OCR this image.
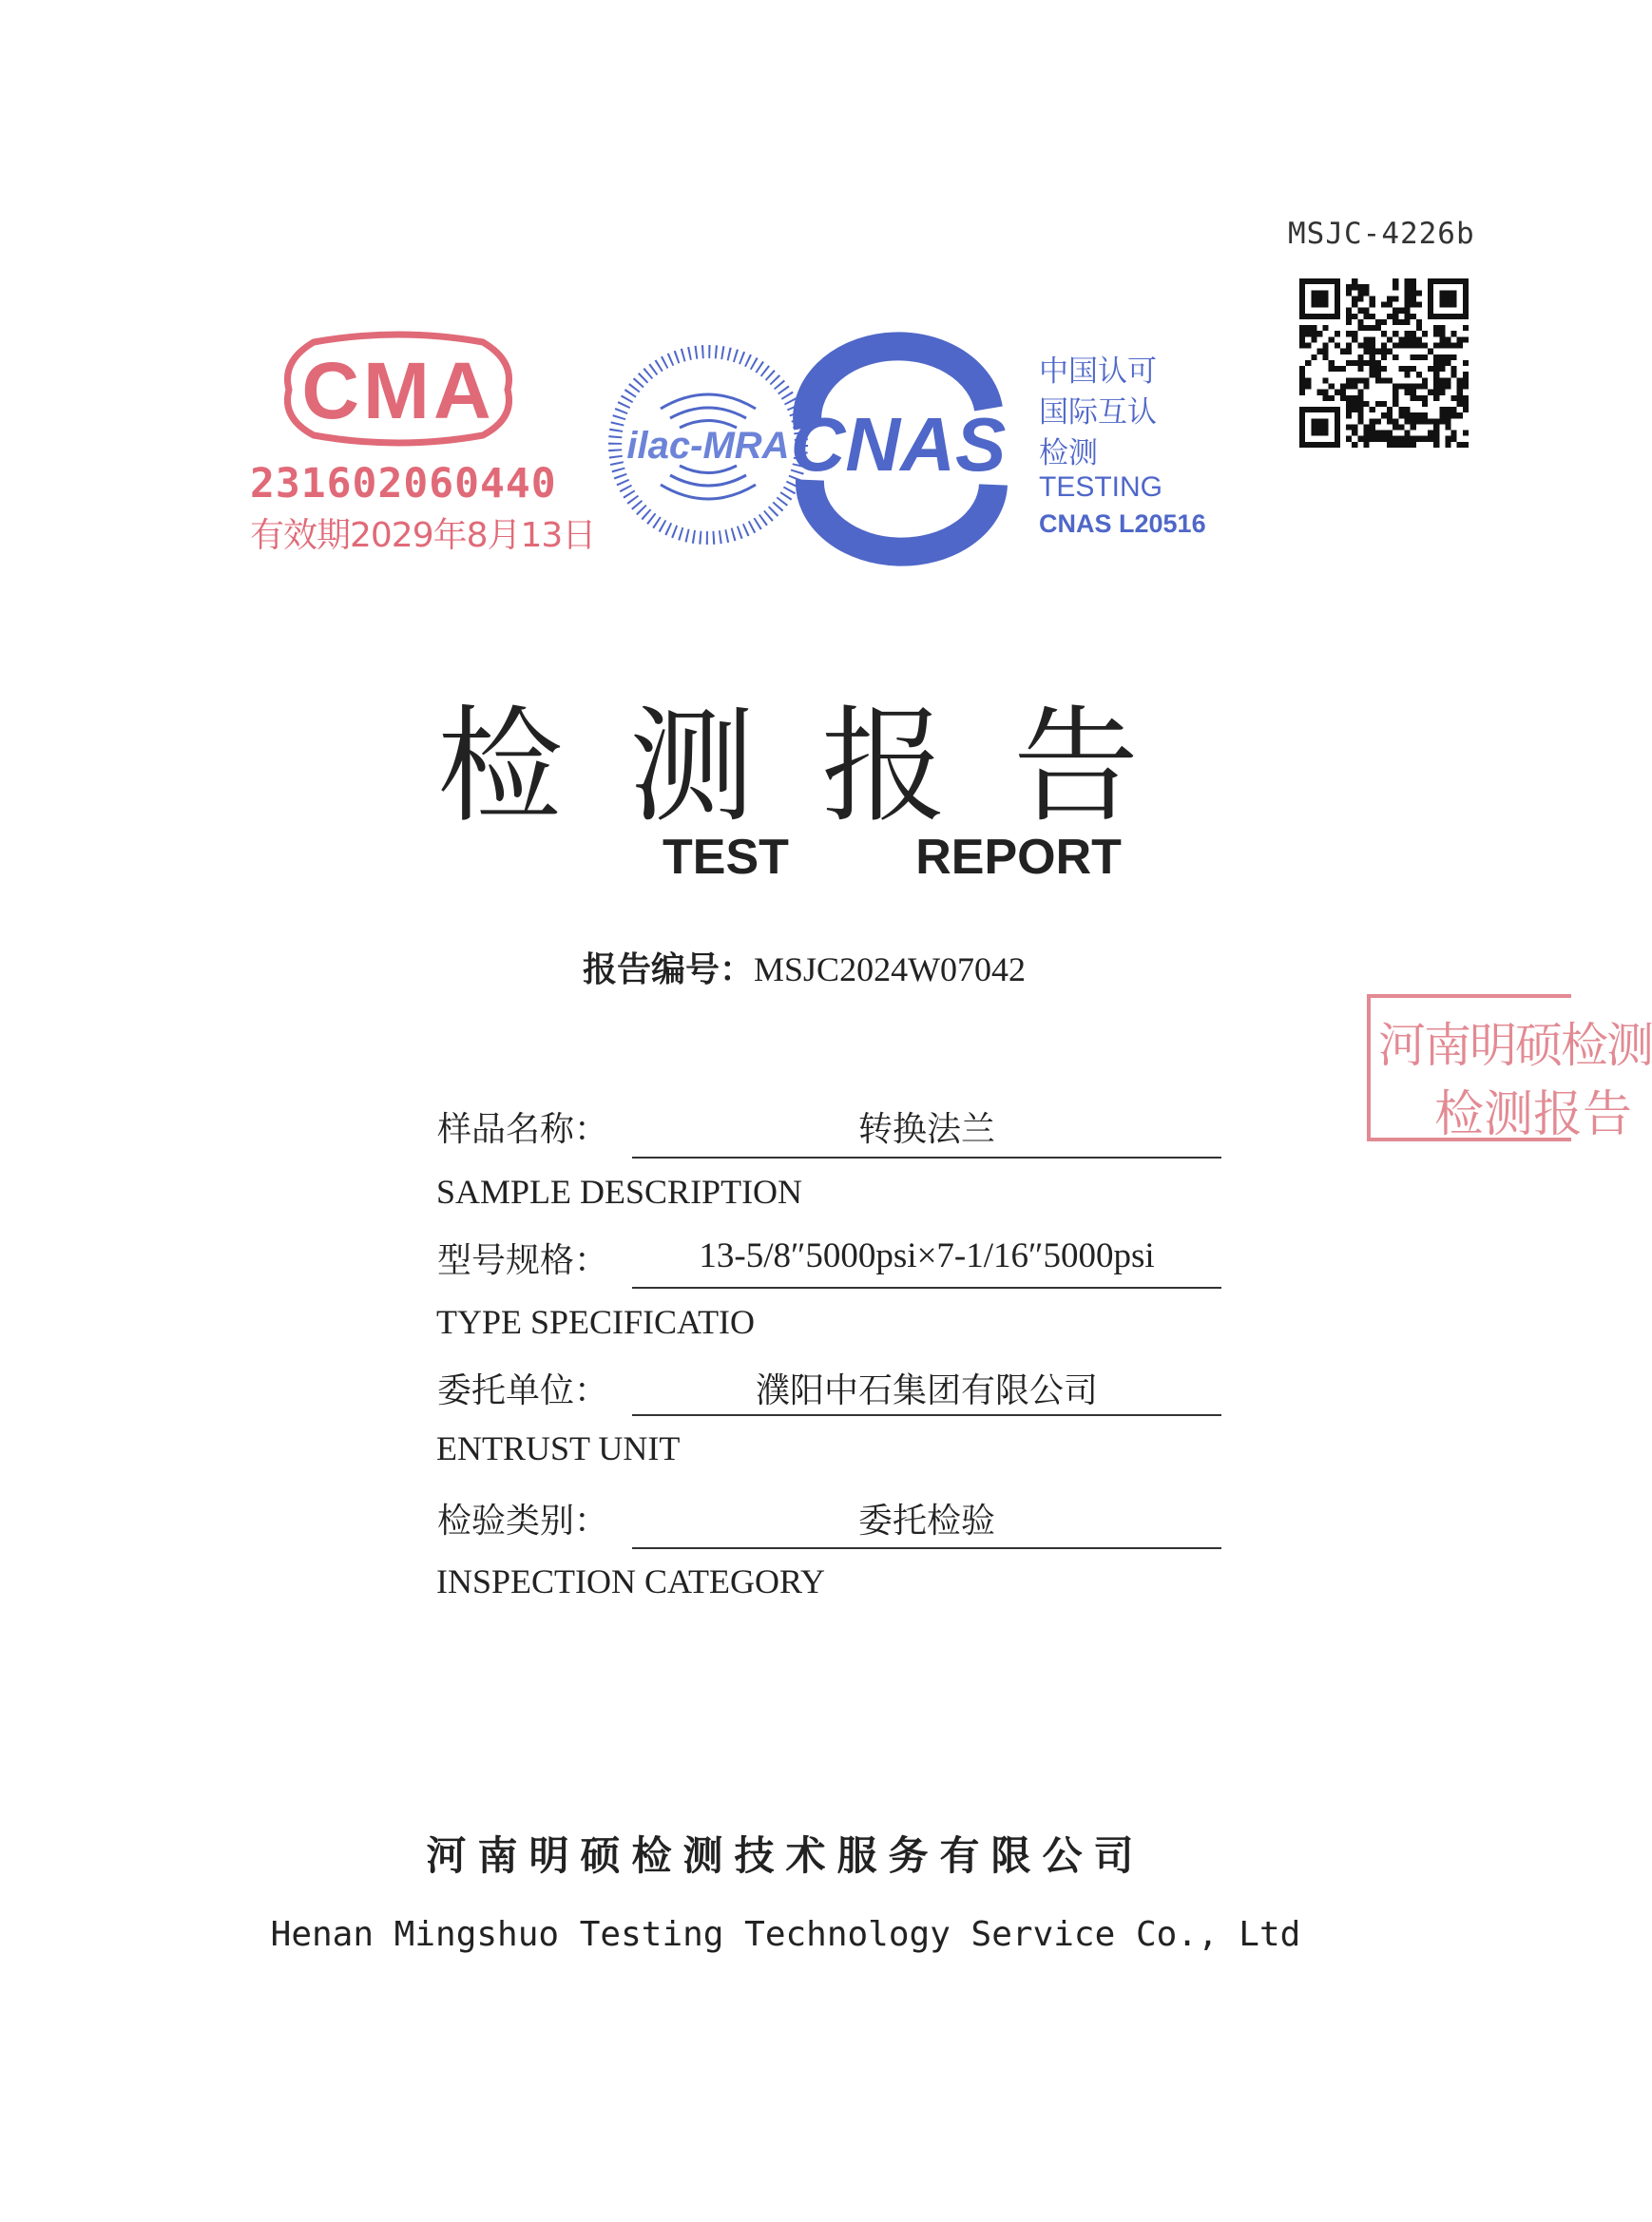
MSJC-4226b
CMA
231602060440
有效期2029年8月13日
ilac-MRA CNAS
中国认可
国际互认
检测
TESTING
CNAS L20516
检测报告
TEST   REPORT
报告编号：MSJC2024W07042
河南明硕检测
检测报告
样品名称：	转换法兰
SAMPLE DESCRIPTION
型号规格：	13-5/8″5000psi×7-1/16″5000psi
TYPE SPECIFICATIO
委托单位：	濮阳中石集团有限公司
ENTRUST UNIT
检验类别：	委托检验
INSPECTION CATEGORY
河南明硕检测技术服务有限公司
Henan Mingshuo Testing Technology Service Co., Ltd
